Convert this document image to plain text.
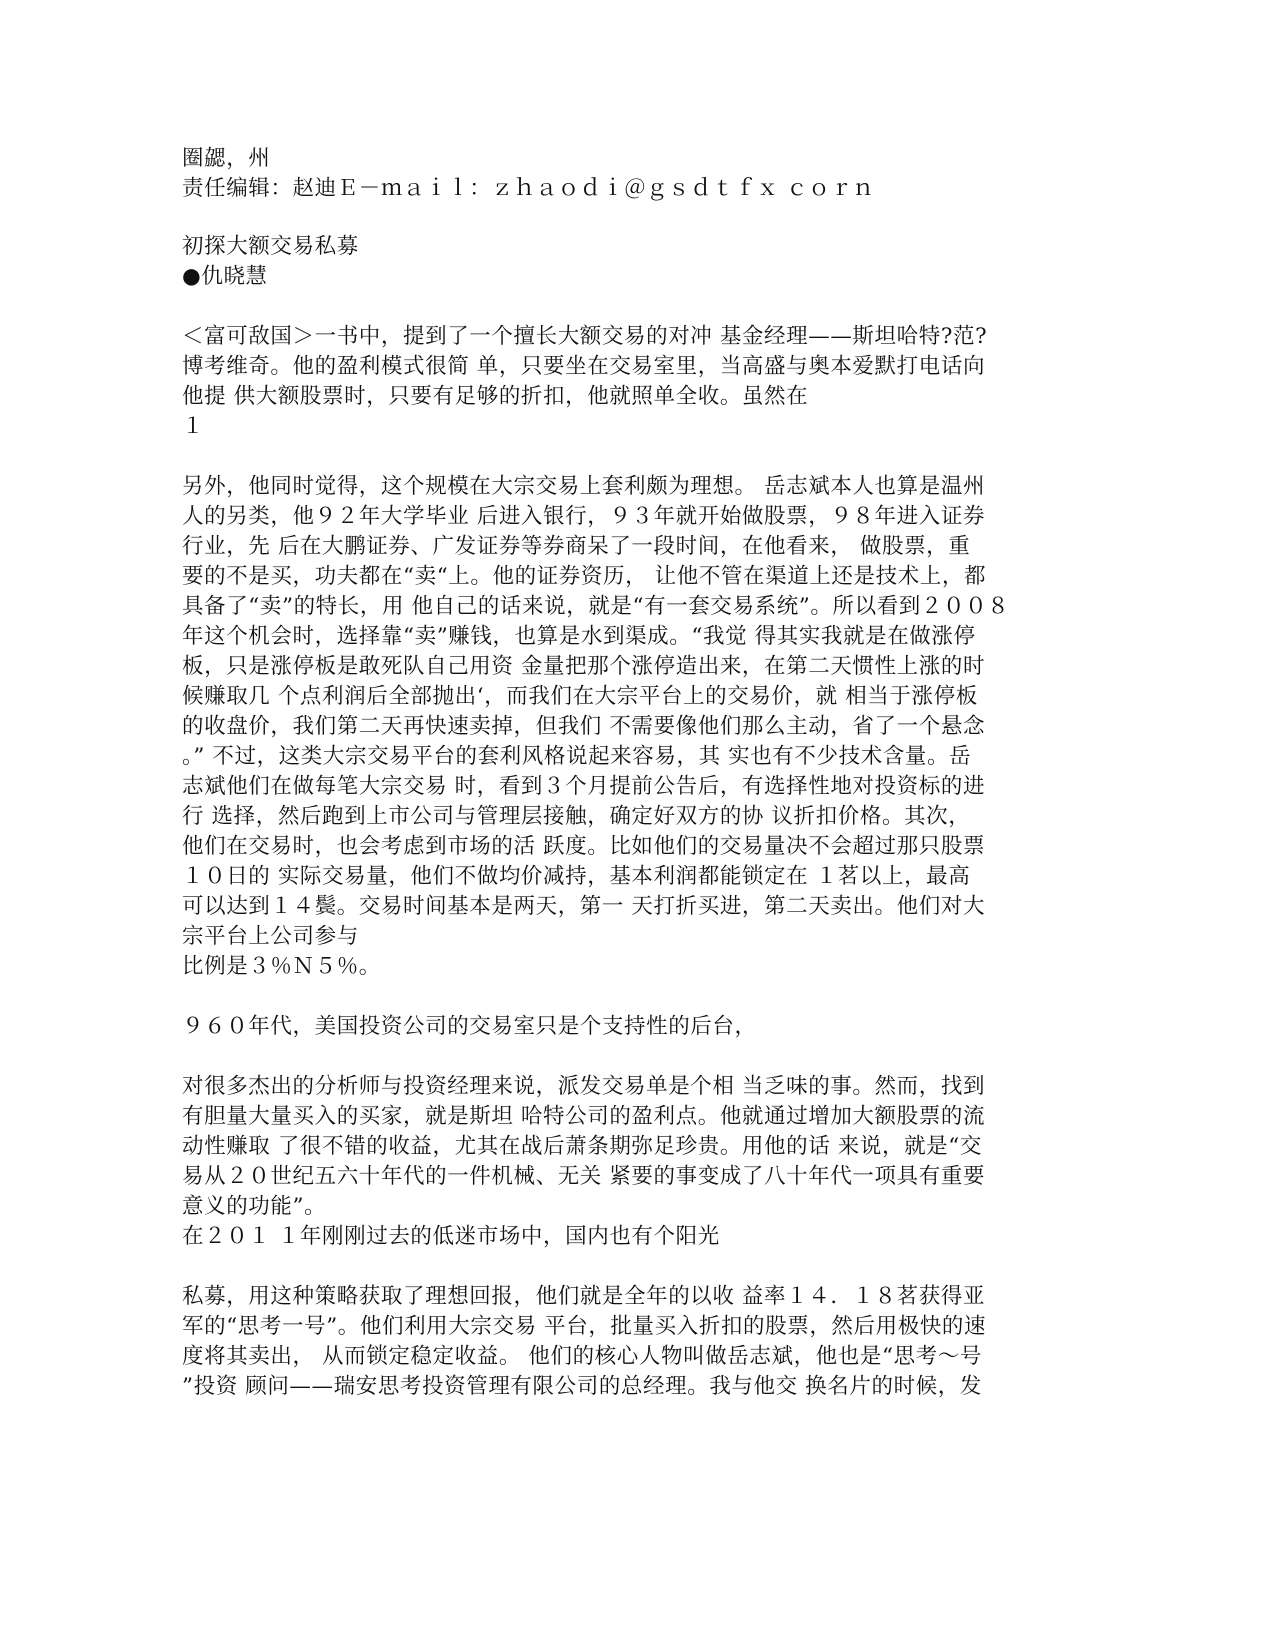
圈勰，州
责任编辑：赵迪Ｅ－ｍａｉｌ：ｚｈａｏｄｉ＠ｇｓｄｔｆｘ ｃｏｒｎ
初探大额交易私募
●仇晓慧
＜富可敌国＞一书中，提到了一个擅长大额交易的对冲 基金经理——斯坦哈特?范?
博考维奇。他的盈利模式很简 单，只要坐在交易室里，当高盛与奥本爱默打电话向
他提 供大额股票时，只要有足够的折扣，他就照单全收。虽然在
１
另外，他同时觉得，这个规模在大宗交易上套利颇为理想。 岳志斌本人也算是温州
人的另类，他９２年大学毕业 后进入银行，９３年就开始做股票，９８年进入证券
行业，先 后在大鹏证券、广发证券等券商呆了一段时间，在他看来， 做股票，重
要的不是买，功夫都在“卖“上。他的证券资历， 让他不管在渠道上还是技术上，都
具备了“卖”的特长，用 他自己的话来说，就是“有一套交易系统”。所以看到２００８
年这个机会时，选择靠“卖”赚钱，也算是水到渠成。“我觉 得其实我就是在做涨停
板，只是涨停板是敢死队自己用资 金量把那个涨停造出来，在第二天惯性上涨的时
候赚取几 个点利润后全部抛出‘，而我们在大宗平台上的交易价，就 相当于涨停板
的收盘价，我们第二天再快速卖掉，但我们 不需要像他们那么主动，省了一个悬念
。” 不过，这类大宗交易平台的套利风格说起来容易，其 实也有不少技术含量。岳
志斌他们在做每笔大宗交易 时，看到３个月提前公告后，有选择性地对投资标的进
行 选择，然后跑到上市公司与管理层接触，确定好双方的协 议折扣价格。其次，
他们在交易时，也会考虑到市场的活 跃度。比如他们的交易量决不会超过那只股票
１０日的 实际交易量，他们不做均价减持，基本利润都能锁定在 １茗以上，最高
可以达到１４鬓。交易时间基本是两天，第一 天打折买进，第二天卖出。他们对大
宗平台上公司参与
比例是３％Ｎ５％。
９６０年代，美国投资公司的交易室只是个支持性的后台，
对很多杰出的分析师与投资经理来说，派发交易单是个相 当乏味的事。然而，找到
有胆量大量买入的买家，就是斯坦 哈特公司的盈利点。他就通过增加大额股票的流
动性赚取 了很不错的收益，尤其在战后萧条期弥足珍贵。用他的话 来说，就是“交
易从２０世纪五六十年代的一件机械、无关 紧要的事变成了八十年代一项具有重要
意义的功能”。
在２０１ １年刚刚过去的低迷市场中，国内也有个阳光
私募，用这种策略获取了理想回报，他们就是全年的以收 益率１４．１８茗获得亚
军的“思考一号”。他们利用大宗交易 平台，批量买入折扣的股票，然后用极快的速
度将其卖出， 从而锁定稳定收益。 他们的核心人物叫做岳志斌，他也是“思考～号
”投资 顾问——瑞安思考投资管理有限公司的总经理。我与他交 换名片的时候，发
